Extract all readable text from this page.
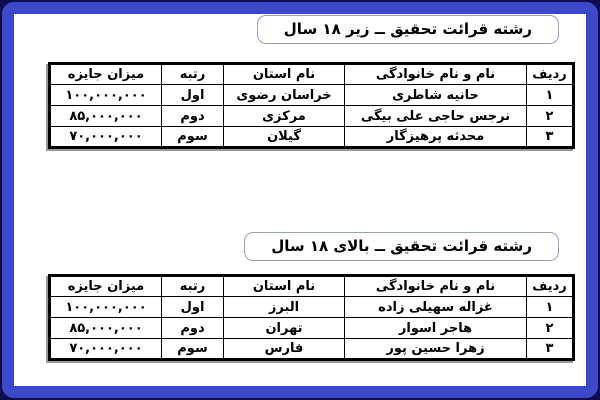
رشته قرائت تحقیق ــ زیر ۱۸ سال
ردیف	نام و نام خانوادگی	نام استان	رتبه	میزان جایزه
۱	حانیه شاطری	خراسان رضوی	اول	۱۰۰,۰۰۰,۰۰۰
۲	نرجس حاجی علی بیگی	مرکزی	دوم	۸۵,۰۰۰,۰۰۰
۳	محدثه پرهیزگار	گیلان	سوم	۷۰,۰۰۰,۰۰۰
رشته قرائت تحقیق ــ بالای ۱۸ سال
ردیف	نام و نام خانوادگی	نام استان	رتبه	میزان جایزه
۱	غزاله سهیلی زاده	البرز	اول	۱۰۰,۰۰۰,۰۰۰
۲	هاجر اسوار	تهران	دوم	۸۵,۰۰۰,۰۰۰
۳	زهرا حسین پور	فارس	سوم	۷۰,۰۰۰,۰۰۰
